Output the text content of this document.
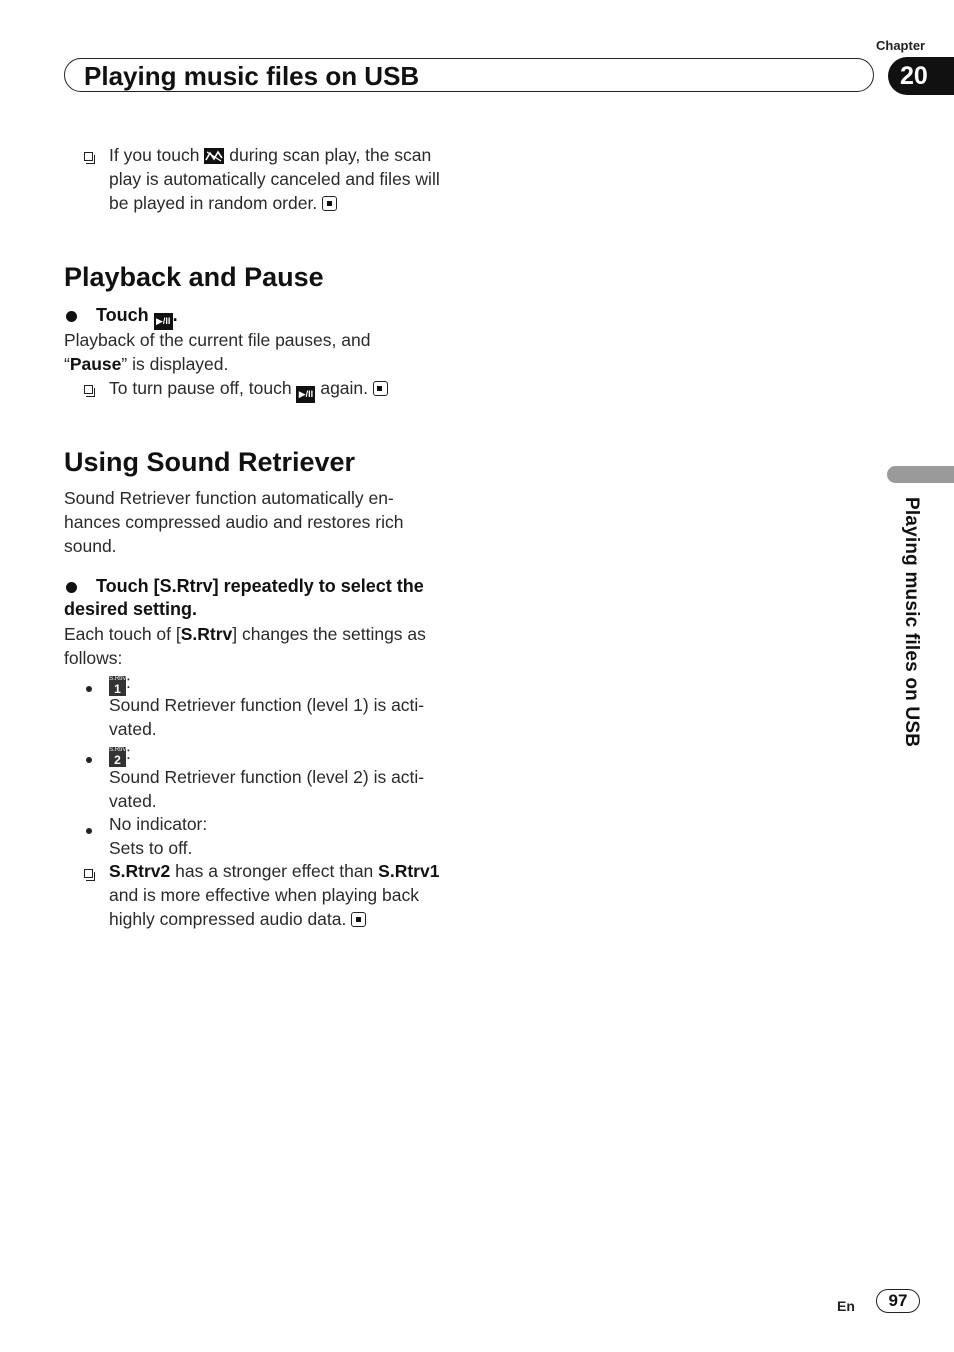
Playing music files on USB
Chapter
20
Playing music files on USB
If you touch during scan play, the scan
play is automatically canceled and files will
be played in random order.
Playback and Pause
Touch ▶/II .
Playback of the current file pauses, and
“Pause” is displayed.
To turn pause off, touch ▶/II again.
Using Sound Retriever
Sound Retriever function automatically en-
hances compressed audio and restores rich
sound.
Touch [S.Rtrv] repeatedly to select the
desired setting.
Each touch of [S.Rtrv] changes the settings as
follows:
S.Rtrv
1 :
Sound Retriever function (level 1) is acti-
vated.
S.Rtrv
2 :
Sound Retriever function (level 2) is acti-
vated.
No indicator:
Sets to off.
S.Rtrv2 has a stronger effect than S.Rtrv1
and is more effective when playing back
highly compressed audio data.
En	97
